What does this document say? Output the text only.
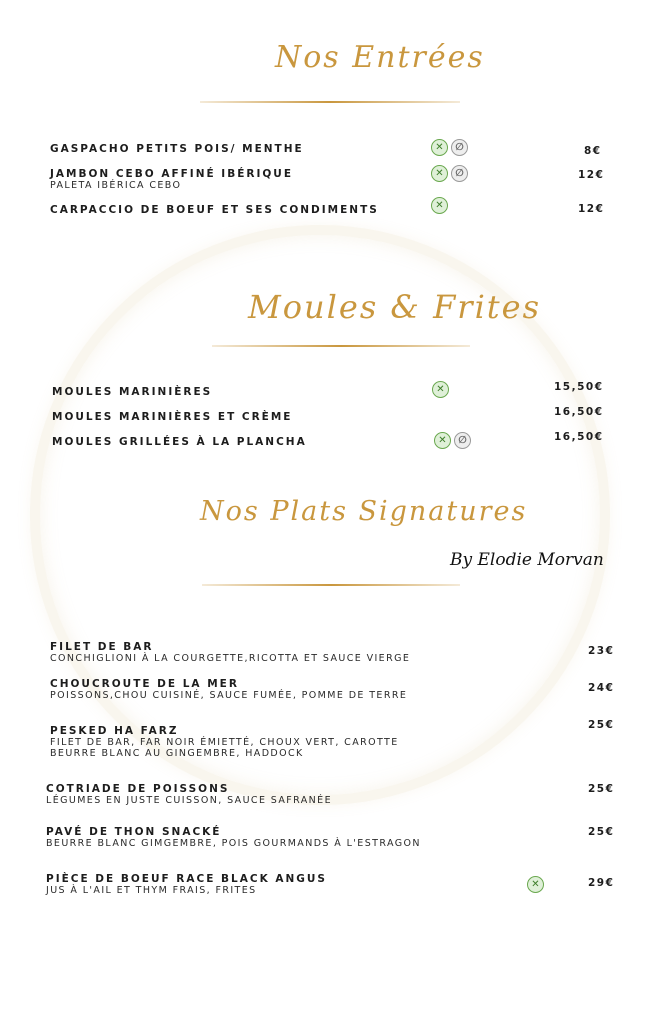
Nos Entrées
GASPACHO PETITS POIS/ MENTHE	✕	∅	8€
JAMBON CEBO AFFINÉ IBÉRIQUE
PALETA IBÉRICA CEBO
✕	∅	12€
CARPACCIO DE BOEUF ET SES CONDIMENTS	✕	12€
Moules & Frites
MOULES MARINIÈRES	✕	15,50€
MOULES MARINIÈRES ET CRÈME	16,50€
MOULES GRILLÉES À LA PLANCHA	✕	∅	16,50€
Nos Plats Signatures
By Elodie Morvan
FILET DE BAR
CONCHIGLIONI À LA COURGETTE,RICOTTA ET SAUCE VIERGE
23€
CHOUCROUTE DE LA MER
POISSONS,CHOU CUISINÉ, SAUCE FUMÉE, POMME DE TERRE
24€
PESKED HA FARZ
FILET DE BAR, FAR NOIR ÉMIETTÉ, CHOUX VERT, CAROTTE
BEURRE BLANC AU GINGEMBRE, HADDOCK
25€
COTRIADE DE POISSONS
LÉGUMES EN JUSTE CUISSON, SAUCE SAFRANÉE
25€
PAVÉ DE THON SNACKÉ
BEURRE BLANC GIMGEMBRE, POIS GOURMANDS À L'ESTRAGON
25€
PIÈCE DE BOEUF RACE BLACK ANGUS
JUS À L'AIL ET THYM FRAIS, FRITES
✕	29€
